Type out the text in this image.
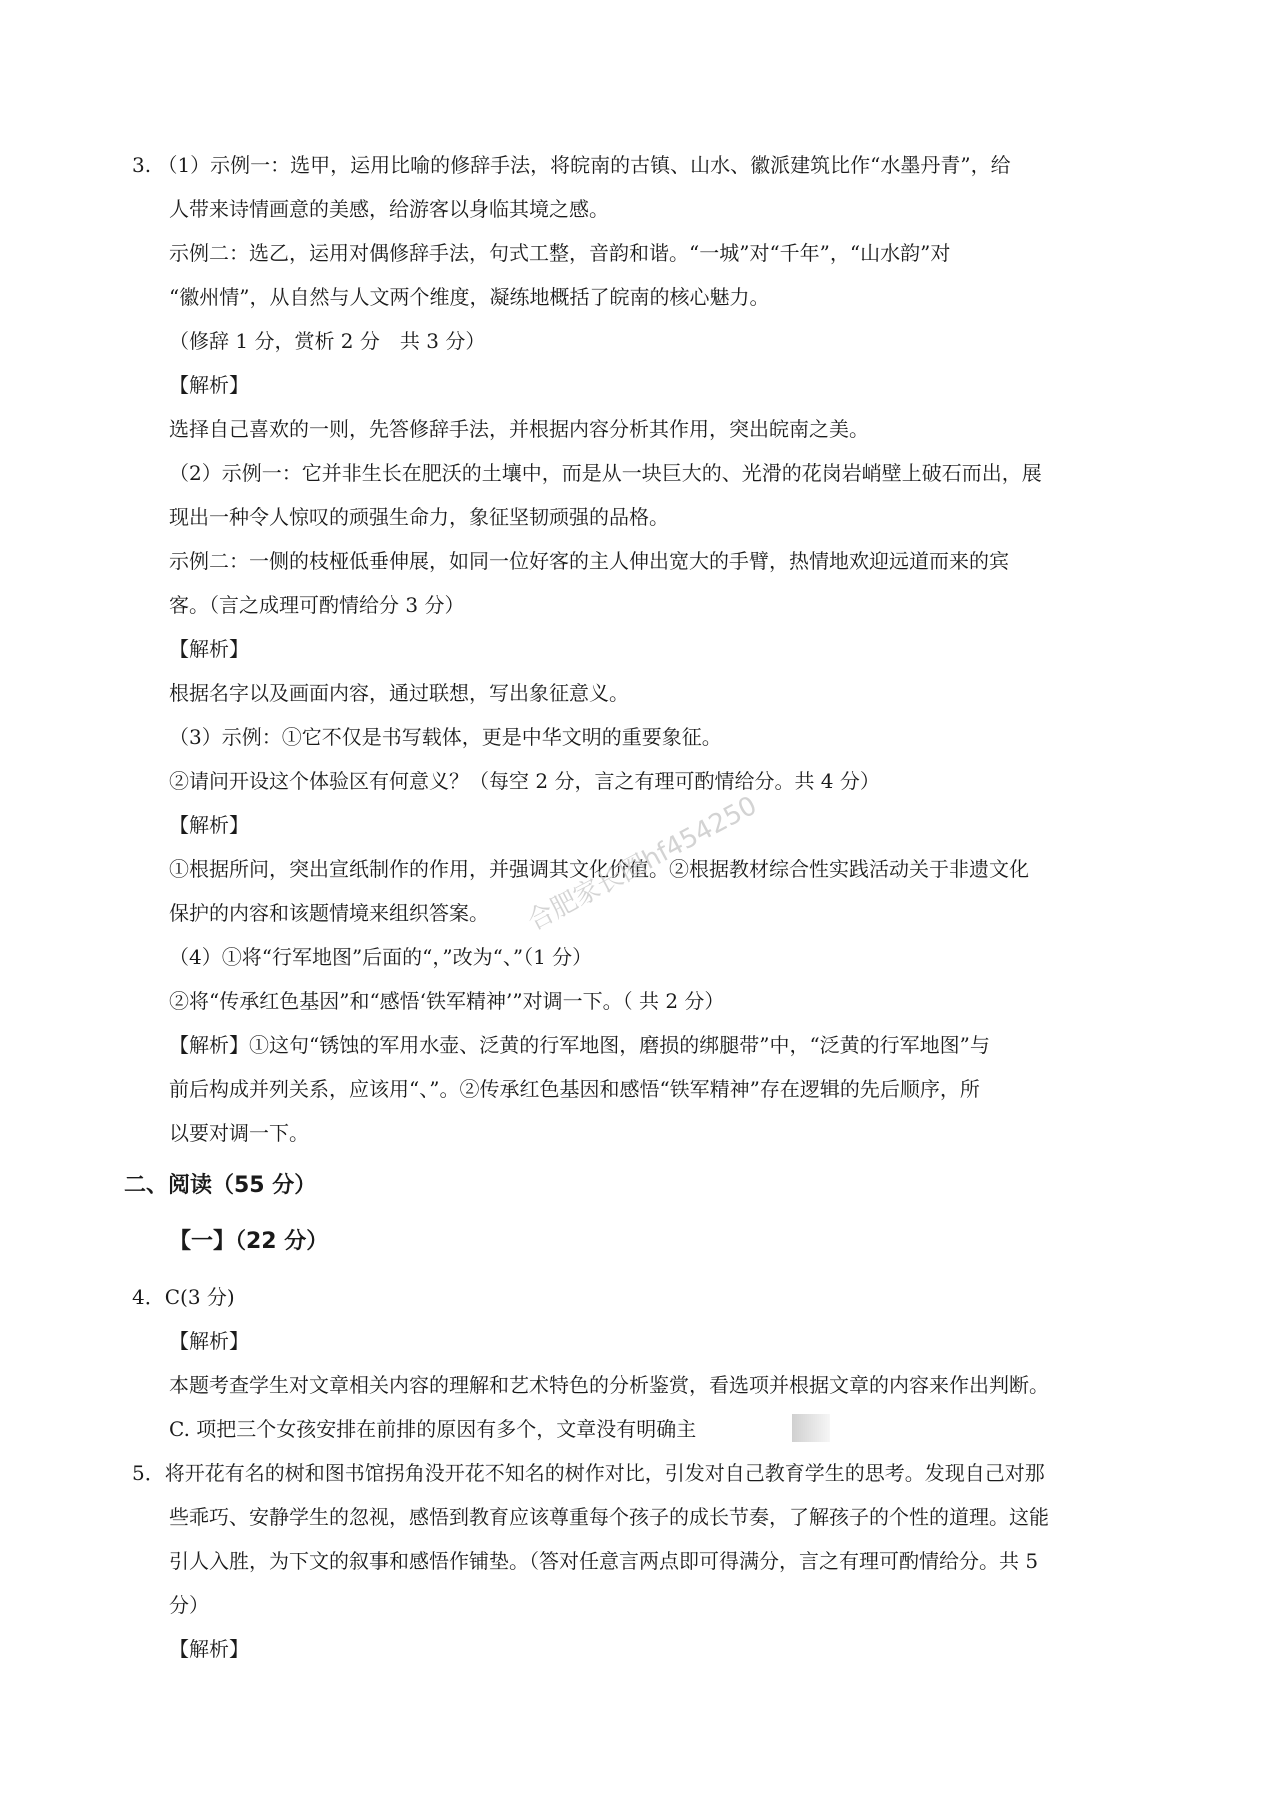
3. （1）示例一：选甲，运用比喻的修辞手法，将皖南的古镇、山水、徽派建筑比作“水墨丹青”，给
人带来诗情画意的美感，给游客以身临其境之感。
示例二：选乙，运用对偶修辞手法，句式工整，音韵和谐。“一城”对“千年”，“山水韵”对
“徽州情”，从自然与人文两个维度，凝练地概括了皖南的核心魅力。
（修辞 1 分，赏析 2 分　共 3 分）
【解析】
选择自己喜欢的一则，先答修辞手法，并根据内容分析其作用，突出皖南之美。
（2）示例一：它并非生长在肥沃的土壤中，而是从一块巨大的、光滑的花岗岩峭壁上破石而出，展
现出一种令人惊叹的顽强生命力，象征坚韧顽强的品格。
示例二：一侧的枝桠低垂伸展，如同一位好客的主人伸出宽大的手臂，热情地欢迎远道而来的宾
客。（言之成理可酌情给分 3 分）
【解析】
根据名字以及画面内容，通过联想，写出象征意义。
（3）示例：①它不仅是书写载体，更是中华文明的重要象征。
②请问开设这个体验区有何意义？（每空 2 分，言之有理可酌情给分。共 4 分）
【解析】
①根据所问，突出宣纸制作的作用，并强调其文化价值。②根据教材综合性实践活动关于非遗文化
保护的内容和该题情境来组织答案。
（4）①将“行军地图”后面的“，”改为“、”（1 分）
②将“传承红色基因”和“感悟‘铁军精神’”对调一下。（ 共 2 分）
【解析】①这句“锈蚀的军用水壶、泛黄的行军地图，磨损的绑腿带”中，“泛黄的行军地图”与
前后构成并列关系，应该用“、”。②传承红色基因和感悟“铁军精神”存在逻辑的先后顺序，所
以要对调一下。
二、阅读（55 分）
【一】（22 分）
4．C(3 分)
【解析】
本题考查学生对文章相关内容的理解和艺术特色的分析鉴赏，看选项并根据文章的内容来作出判断。
C. 项把三个女孩安排在前排的原因有多个，文章没有明确主
5．将开花有名的树和图书馆拐角没开花不知名的树作对比，引发对自己教育学生的思考。发现自己对那
些乖巧、安静学生的忽视，感悟到教育应该尊重每个孩子的成长节奏，了解孩子的个性的道理。这能
引人入胜，为下文的叙事和感悟作铺垫。（答对任意言两点即可得满分，言之有理可酌情给分。共 5
分）
【解析】
合肥家长圈hf454250
